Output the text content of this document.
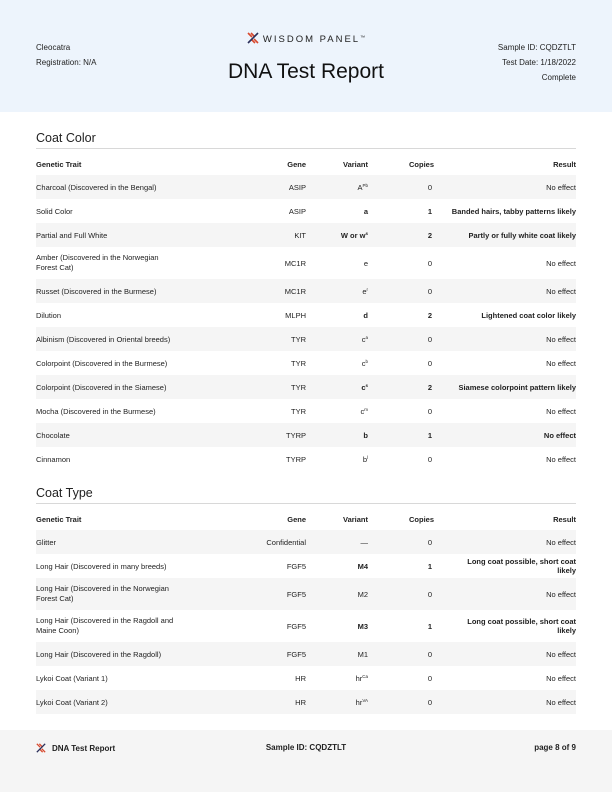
Cleocatra
Registration: N/A
WISDOM PANEL™
DNA Test Report
Sample ID: CQDZTLT
Test Date: 1/18/2022
Complete
Coat Color
Genetic Trait	Gene	Variant	Copies	Result
Charcoal (Discovered in the Bengal)	ASIP	$A^{Pb}$	0	No effect
Solid Color	ASIP	a	1	Banded hairs, tabby patterns likely
Partial and Full White	KIT	W or $w^s$	2	Partly or fully white coat likely

Amber (Discovered in the Norwegian
Forest Cat)	MC1R	e	0	No effect
Russet (Discovered in the Burmese)	MC1R	$e^r$	0	No effect
Dilution	MLPH	d	2	Lightened coat color likely
Albinism (Discovered in Oriental breeds)	TYR	$c^a$	0	No effect
Colorpoint (Discovered in the Burmese)	TYR	$c^b$	0	No effect
Colorpoint (Discovered in the Siamese)	TYR	$c^s$	2	Siamese colorpoint pattern likely
Mocha (Discovered in the Burmese)	TYR	$c^m$	0	No effect
Chocolate	TYRP	b	1	No effect
Cinnamon	TYRP	$b^l$	0	No effect
Coat Type
Genetic Trait	Gene	Variant	Copies	Result
Glitter	Confidential	—	0	No effect
Long Hair (Discovered in many breeds)	FGF5	M4	1	Long coat possible, short coat likely

Long Hair (Discovered in the Norwegian
Forest Cat)	FGF5	M2	0	No effect

Long Hair (Discovered in the Ragdoll and
Maine Coon)	FGF5	M3	1	Long coat possible, short coat likely
Long Hair (Discovered in the Ragdoll)	FGF5	M1	0	No effect
Lykoi Coat (Variant 1)	HR	$hr^{Ca}$	0	No effect
Lykoi Coat (Variant 2)	HR	$hr^{VA}$	0	No effect
DNA Test Report	Sample ID: CQDZTLT	page 8 of 9
